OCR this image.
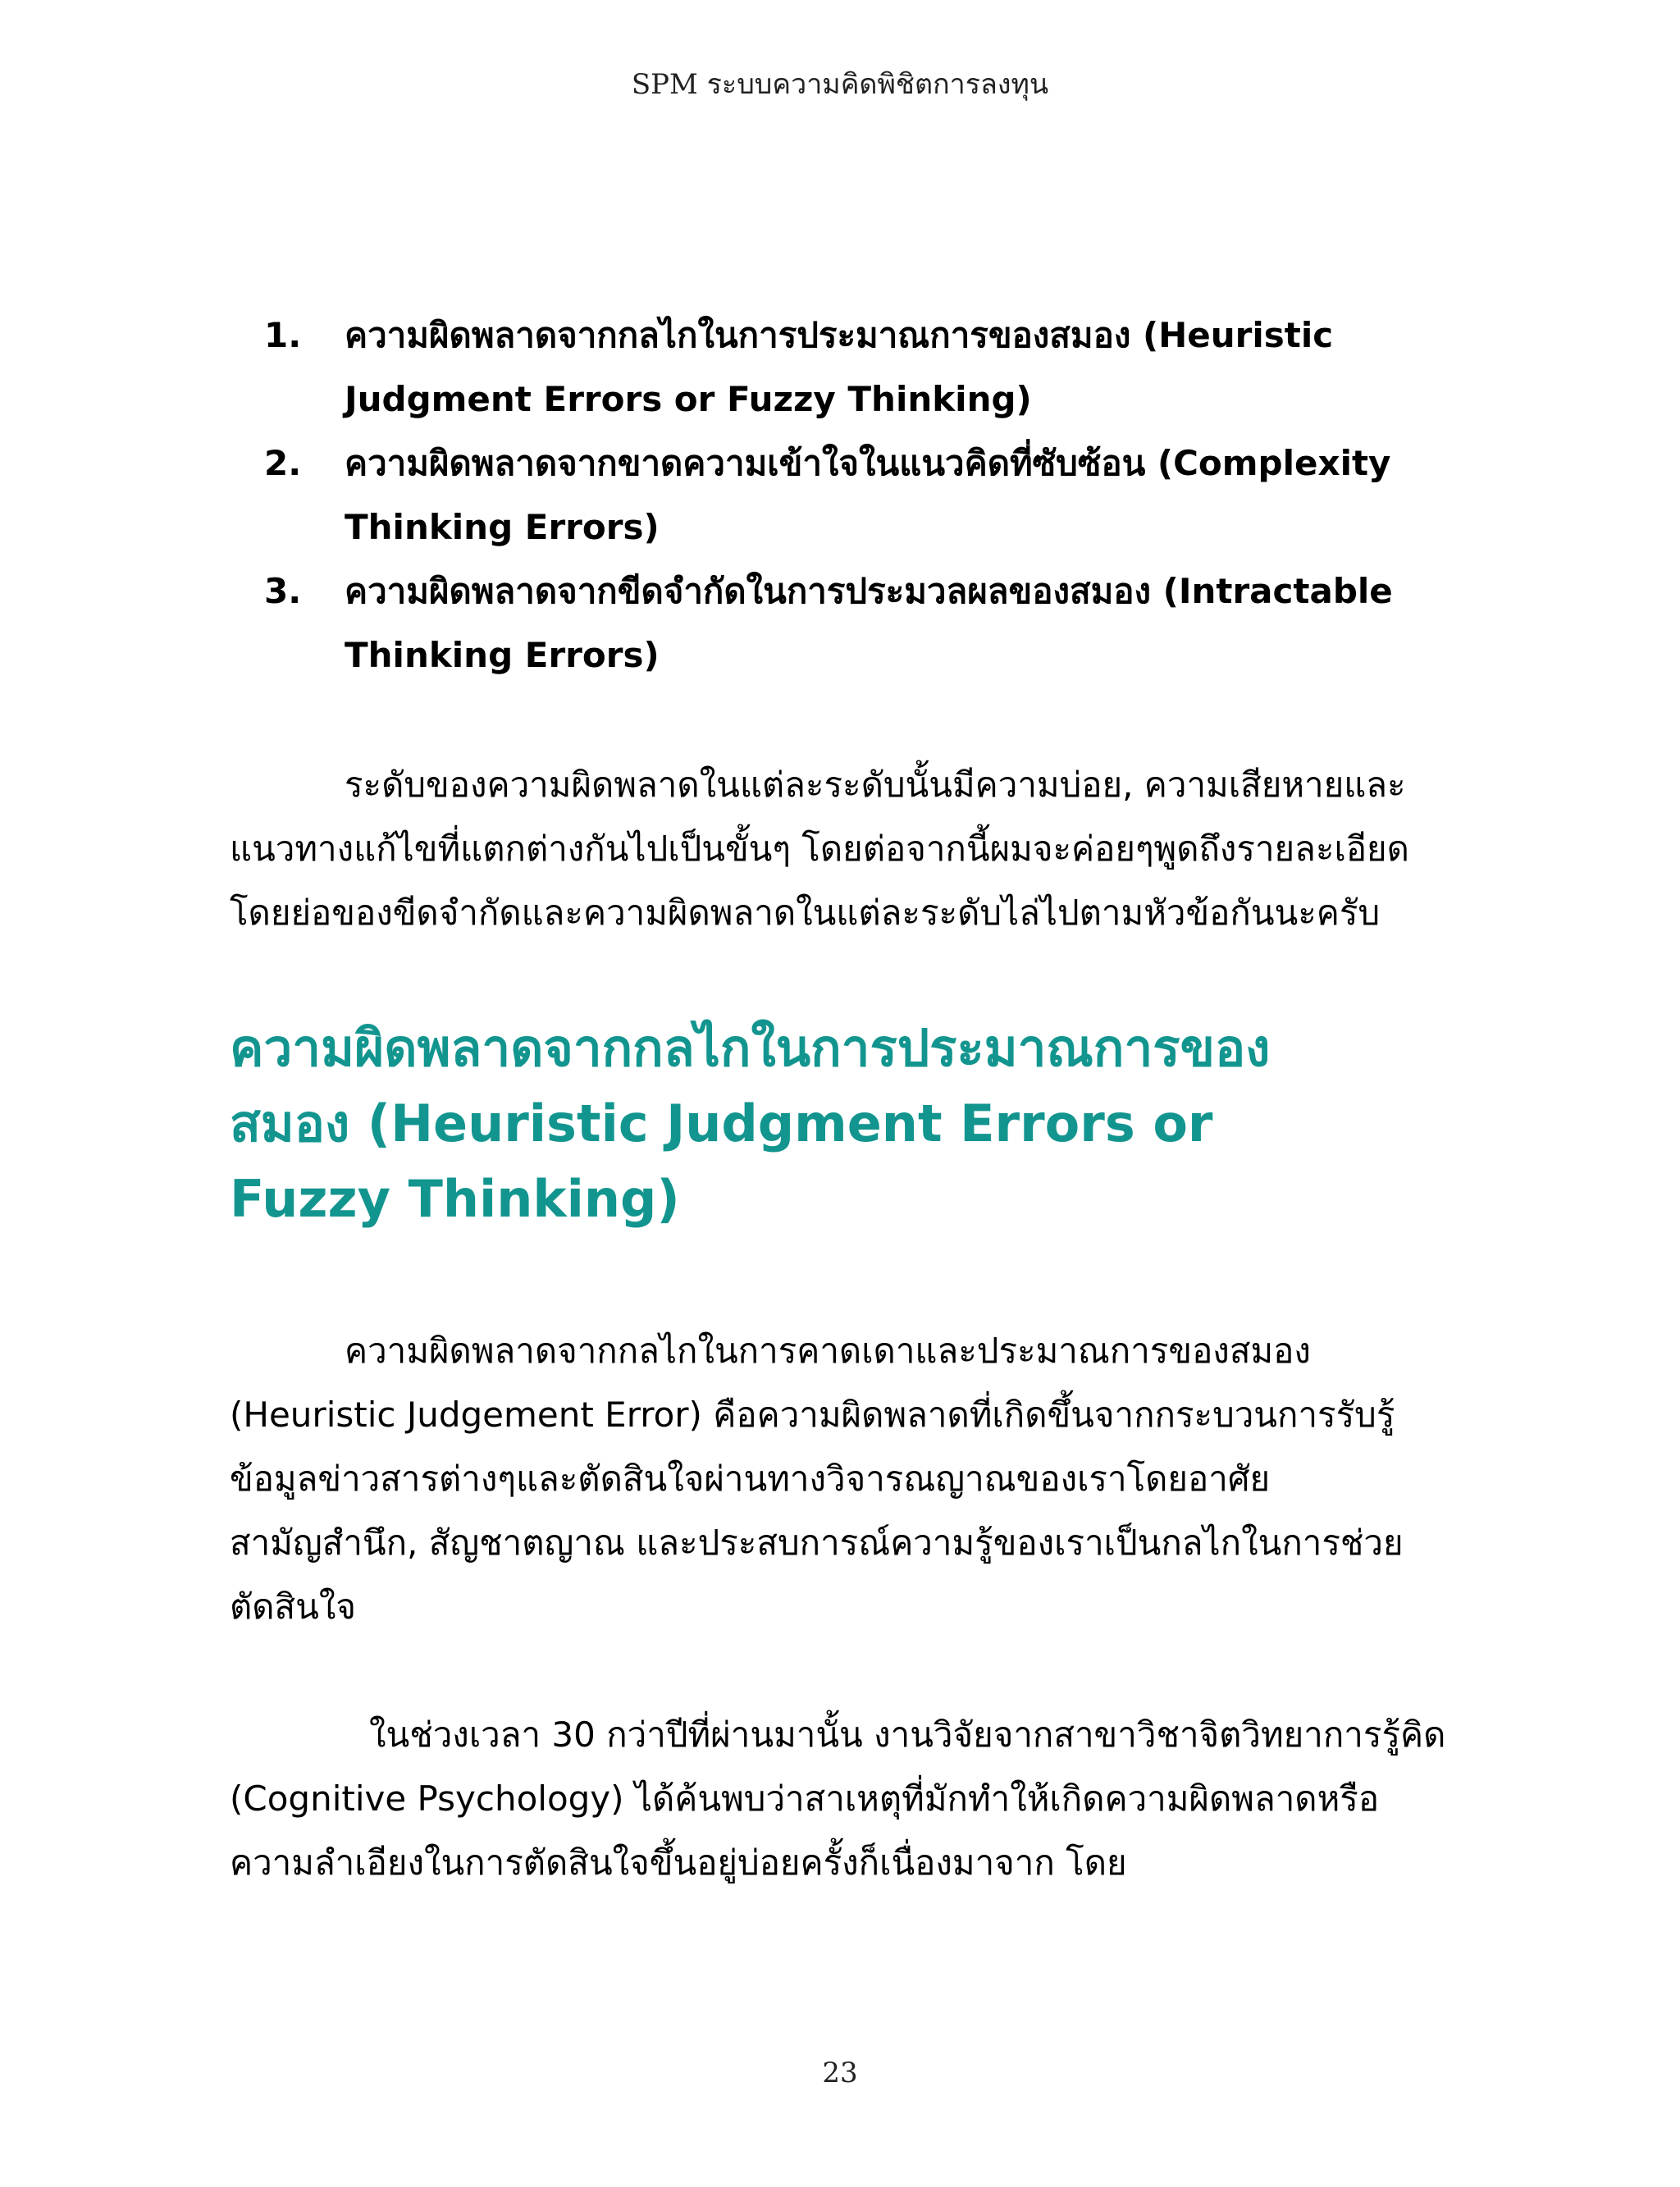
SPM ระบบความคิดพิชิตการลงทุน
1. ความผิดพลาดจากกลไกในการประมาณการของสมอง (Heuristic Judgment Errors or Fuzzy Thinking)
2. ความผิดพลาดจากขาดความเข้าใจในแนวคิดที่ซับซ้อน (Complexity Thinking Errors)
3. ความผิดพลาดจากขีดจำกัดในการประมวลผลของสมอง (Intractable Thinking Errors)

ระดับของความผิดพลาดในแต่ละระดับนั้นมีความบ่อย, ความเสียหายและแนวทางแก้ไขที่แตกต่างกันไปเป็นขั้นๆ โดยต่อจากนี้ผมจะค่อยๆพูดถึงรายละเอียดโดยย่อของขีดจำกัดและความผิดพลาดในแต่ละระดับไล่ไปตามหัวข้อกันนะครับ

ความผิดพลาดจากกลไกในการประมาณการของสมอง (Heuristic Judgment Errors or Fuzzy Thinking)

ความผิดพลาดจากกลไกในการคาดเดาและประมาณการของสมอง (Heuristic Judgement Error) คือความผิดพลาดที่เกิดขึ้นจากกระบวนการรับรู้ข้อมูลข่าวสารต่างๆและตัดสินใจผ่านทางวิจารณญาณของเราโดยอาศัยสามัญสำนึก, สัญชาตญาณ และประสบการณ์ความรู้ของเราเป็นกลไกในการช่วยตัดสินใจ

ในช่วงเวลา 30 กว่าปีที่ผ่านมานั้น งานวิจัยจากสาขาวิชาจิตวิทยาการรู้คิด (Cognitive Psychology) ได้ค้นพบว่าสาเหตุที่มักทำให้เกิดความผิดพลาดหรือความลำเอียงในการตัดสินใจขึ้นอยู่บ่อยครั้งก็เนื่องมาจาก โดย

23
